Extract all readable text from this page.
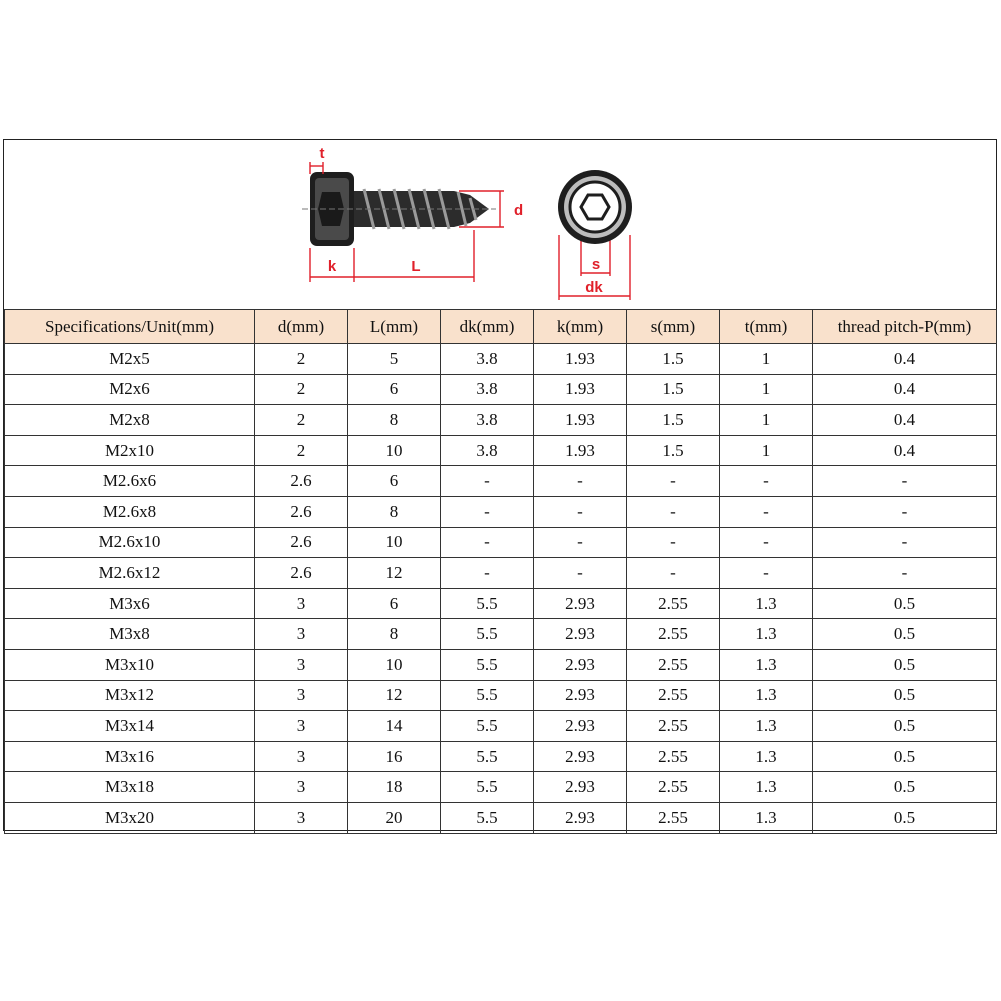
t
d
k	L	s
dk
Specifications/Unit(mm)	d(mm)	L(mm)	dk(mm)	k(mm)	s(mm)	t(mm)	thread pitch-P(mm)
M2x5	2	5	3.8	1.93	1.5	1	0.4
M2x6	2	6	3.8	1.93	1.5	1	0.4
M2x8	2	8	3.8	1.93	1.5	1	0.4
M2x10	2	10	3.8	1.93	1.5	1	0.4
M2.6x6	2.6	6	-	-	-	-	-
M2.6x8	2.6	8	-	-	-	-	-
M2.6x10	2.6	10	-	-	-	-	-
M2.6x12	2.6	12	-	-	-	-	-
M3x6	3	6	5.5	2.93	2.55	1.3	0.5
M3x8	3	8	5.5	2.93	2.55	1.3	0.5
M3x10	3	10	5.5	2.93	2.55	1.3	0.5
M3x12	3	12	5.5	2.93	2.55	1.3	0.5
M3x14	3	14	5.5	2.93	2.55	1.3	0.5
M3x16	3	16	5.5	2.93	2.55	1.3	0.5
M3x18	3	18	5.5	2.93	2.55	1.3	0.5
M3x20	3	20	5.5	2.93	2.55	1.3	0.5
